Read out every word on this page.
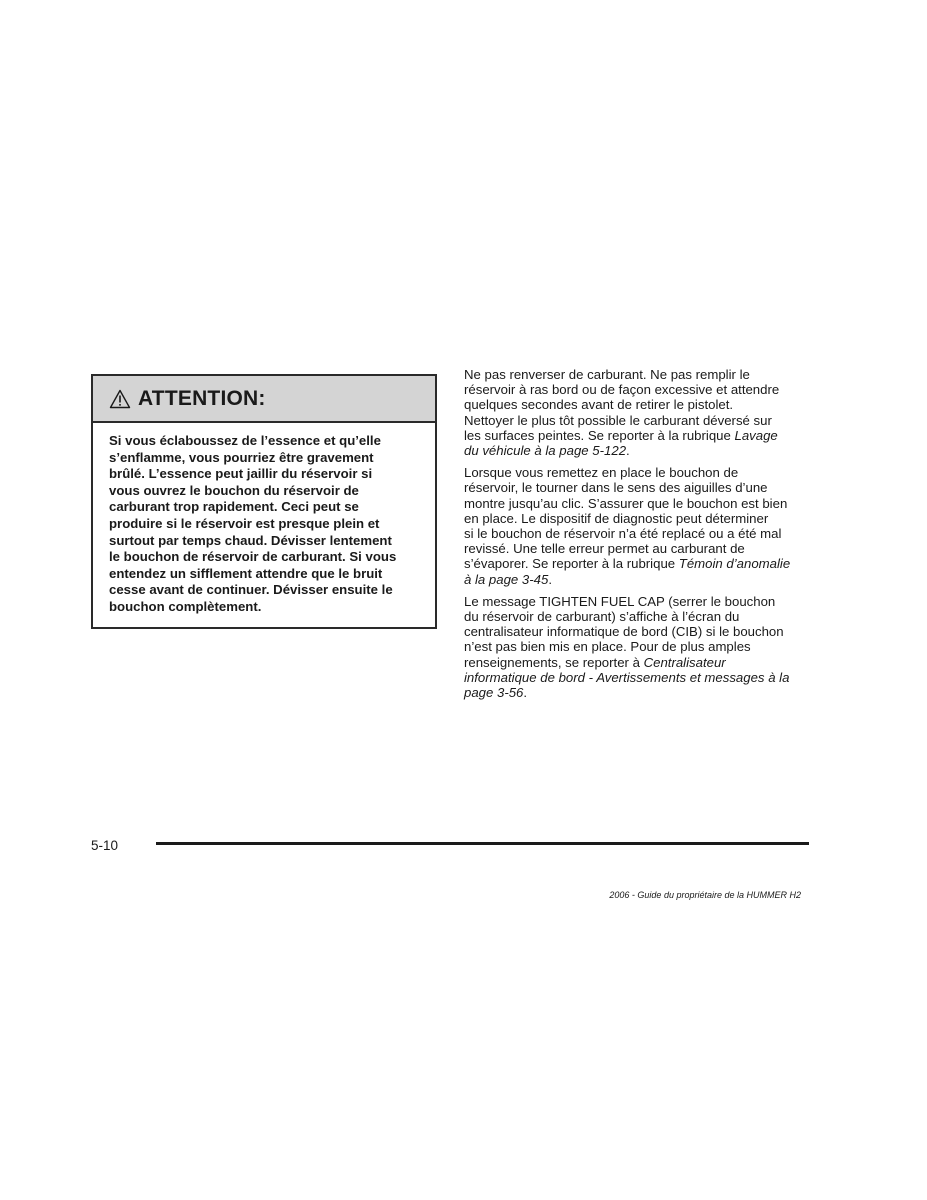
ATTENTION:
Si vous éclaboussez de l’essence et qu’elle
s’enflamme, vous pourriez être gravement
brûlé. L’essence peut jaillir du réservoir si
vous ouvrez le bouchon du réservoir de
carburant trop rapidement. Ceci peut se
produire si le réservoir est presque plein et
surtout par temps chaud. Dévisser lentement
le bouchon de réservoir de carburant. Si vous
entendez un sifflement attendre que le bruit
cesse avant de continuer. Dévisser ensuite le
bouchon complètement.
Ne pas renverser de carburant. Ne pas remplir le
réservoir à ras bord ou de façon excessive et attendre
quelques secondes avant de retirer le pistolet.
Nettoyer le plus tôt possible le carburant déversé sur
les surfaces peintes. Se reporter à la rubrique Lavage
du véhicule à la page 5-122.
Lorsque vous remettez en place le bouchon de
réservoir, le tourner dans le sens des aiguilles d’une
montre jusqu’au clic. S’assurer que le bouchon est bien
en place. Le dispositif de diagnostic peut déterminer
si le bouchon de réservoir n’a été replacé ou a été mal
revissé. Une telle erreur permet au carburant de
s’évaporer. Se reporter à la rubrique Témoin d’anomalie
à la page 3-45.
Le message TIGHTEN FUEL CAP (serrer le bouchon
du réservoir de carburant) s’affiche à l’écran du
centralisateur informatique de bord (CIB) si le bouchon
n’est pas bien mis en place. Pour de plus amples
renseignements, se reporter à Centralisateur
informatique de bord - Avertissements et messages à la
page 3-56.
5-10
2006 - Guide du propriétaire de la HUMMER H2
